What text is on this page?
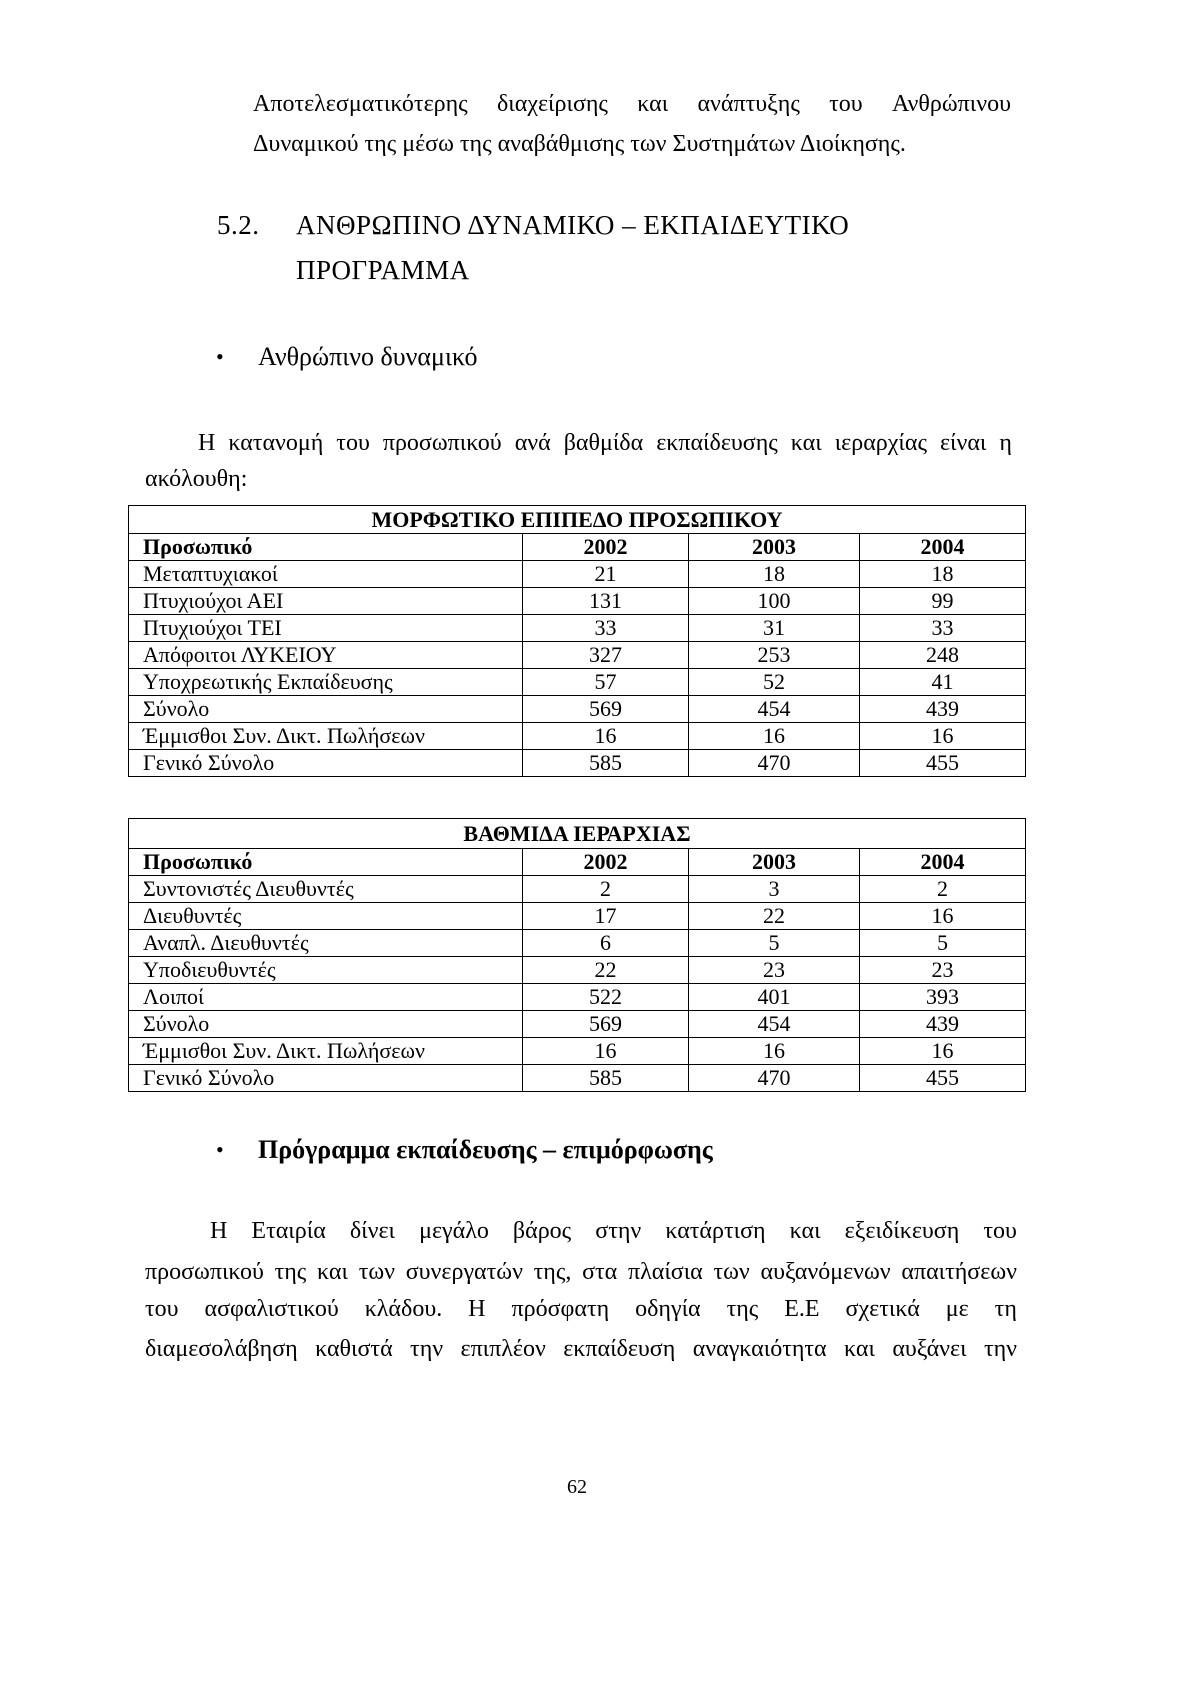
Αποτελεσματικότερης διαχείρισης και ανάπτυξης του Ανθρώπινου
Δυναμικού της μέσω της αναβάθμισης των Συστημάτων Διοίκησης.
5.2. ΑΝΘΡΩΠΙΝΟ ΔΥΝΑΜΙΚΟ – ΕΚΠΑΙΔΕΥΤΙΚΟ
ΠΡΟΓΡΑΜΜΑ
•	Ανθρώπινο δυναμικό
Η κατανομή του προσωπικού ανά βαθμίδα εκπαίδευσης και ιεραρχίας είναι η
ακόλουθη:
ΜΟΡΦΩΤΙΚΟ ΕΠΙΠΕΔΟ ΠΡΟΣΩΠΙΚΟΥ			
Προσωπικό	2002	2003	2004
Μεταπτυχιακοί	21	18	18
Πτυχιούχοι ΑΕΙ	131	100	99
Πτυχιούχοι ΤΕΙ	33	31	33
Απόφοιτοι ΛΥΚΕΙΟΥ	327	253	248
Υποχρεωτικής Εκπαίδευσης	57	52	41
Σύνολο	569	454	439
Έμμισθοι Συν. Δικτ. Πωλήσεων	16	16	16
Γενικό Σύνολο	585	470	455
ΒΑΘΜΙΔΑ ΙΕΡΑΡΧΙΑΣ			
Προσωπικό	2002	2003	2004
Συντονιστές Διευθυντές	2	3	2
Διευθυντές	17	22	16
Αναπλ. Διευθυντές	6	5	5
Υποδιευθυντές	22	23	23
Λοιποί	522	401	393
Σύνολο	569	454	439
Έμμισθοι Συν. Δικτ. Πωλήσεων	16	16	16
Γενικό Σύνολο	585	470	455
•	Πρόγραμμα εκπαίδευσης – επιμόρφωσης
Η Εταιρία δίνει μεγάλο βάρος στην κατάρτιση και εξειδίκευση του
προσωπικού της και των συνεργατών της, στα πλαίσια των αυξανόμενων απαιτήσεων
του ασφαλιστικού κλάδου. Η πρόσφατη οδηγία της Ε.Ε σχετικά με τη
διαμεσολάβηση καθιστά την επιπλέον εκπαίδευση αναγκαιότητα και αυξάνει την
62
